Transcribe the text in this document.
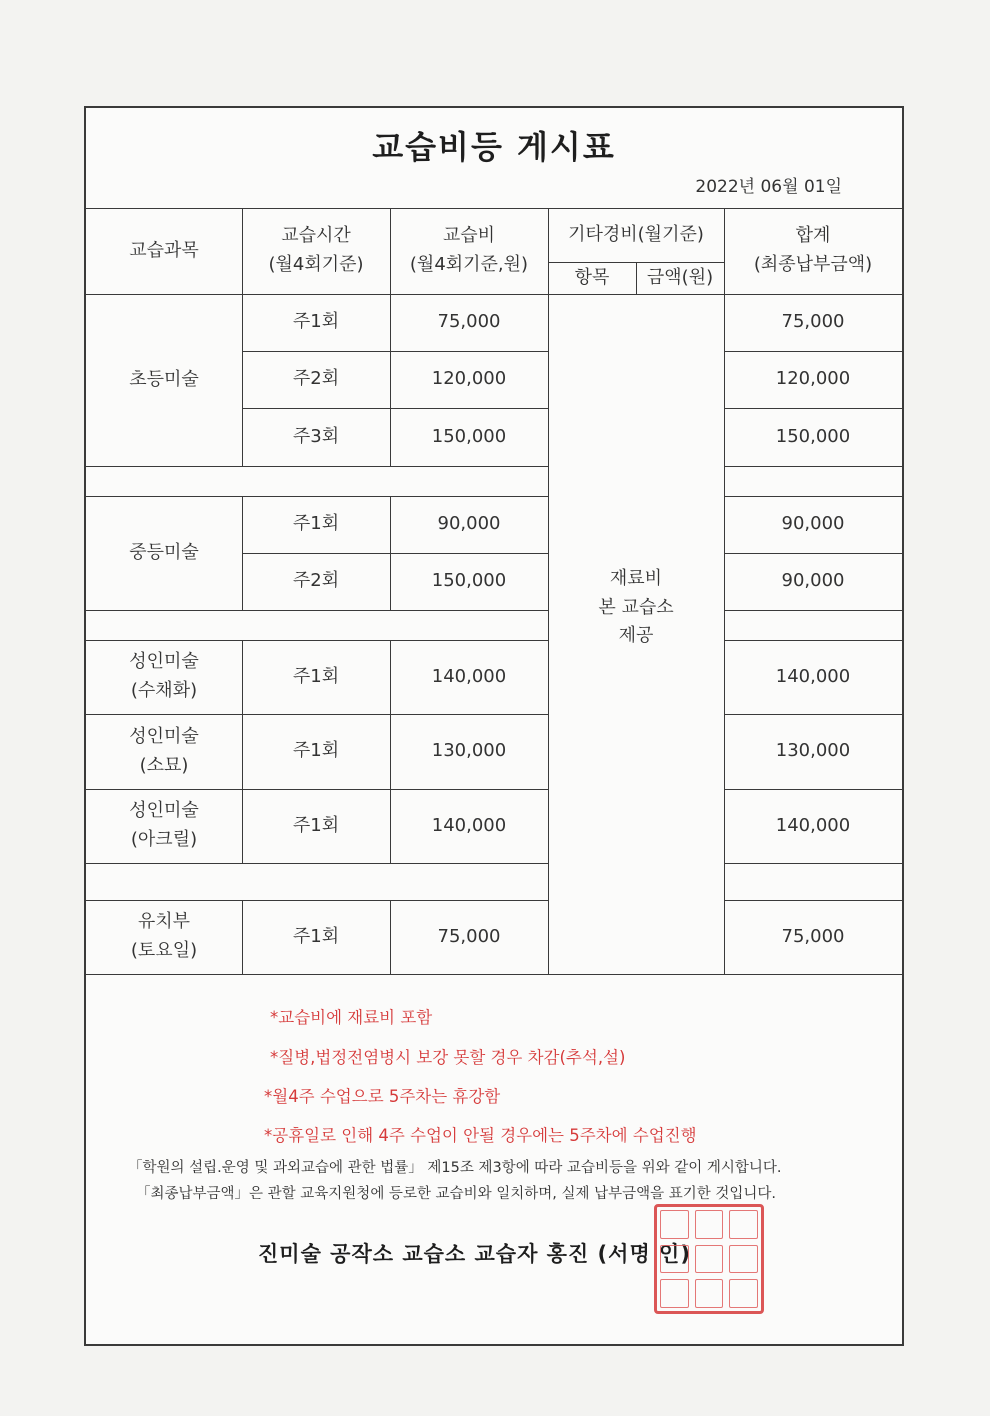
교습비등 게시표
2022년 06월 01일
교습과목
교습시간
(월4회기준)
교습비
(월4회기준,원)
기타경비(월기준)
항목	금액(원)
합계
(최종납부금액)
초등미술
중등미술
성인미술
(수채화)
성인미술
(소묘)
성인미술
(아크릴)
유치부
(토요일)
주1회
주2회
주3회
주1회
주2회
주1회
주1회
주1회
주1회
75,000
120,000
150,000
90,000
150,000
140,000
130,000
140,000
75,000
재료비
본 교습소
제공
75,000
120,000
150,000
90,000
90,000
140,000
130,000
140,000
75,000
*교습비에 재료비 포함
*질병,법정전염병시 보강 못할 경우 차감(추석,설)
*월4주 수업으로 5주차는 휴강함
*공휴일로 인해 4주 수업이 안될 경우에는 5주차에 수업진행
「학원의 설립.운영 및 과외교습에 관한 법률」 제15조 제3항에 따라 교습비등을 위와 같이 게시합니다.
「최종납부금액」은 관할 교육지원청에 등로한 교습비와 일치하며, 실제 납부금액을 표기한 것입니다.
진미술 공작소 교습소 교습자 홍진 (서명 인)
